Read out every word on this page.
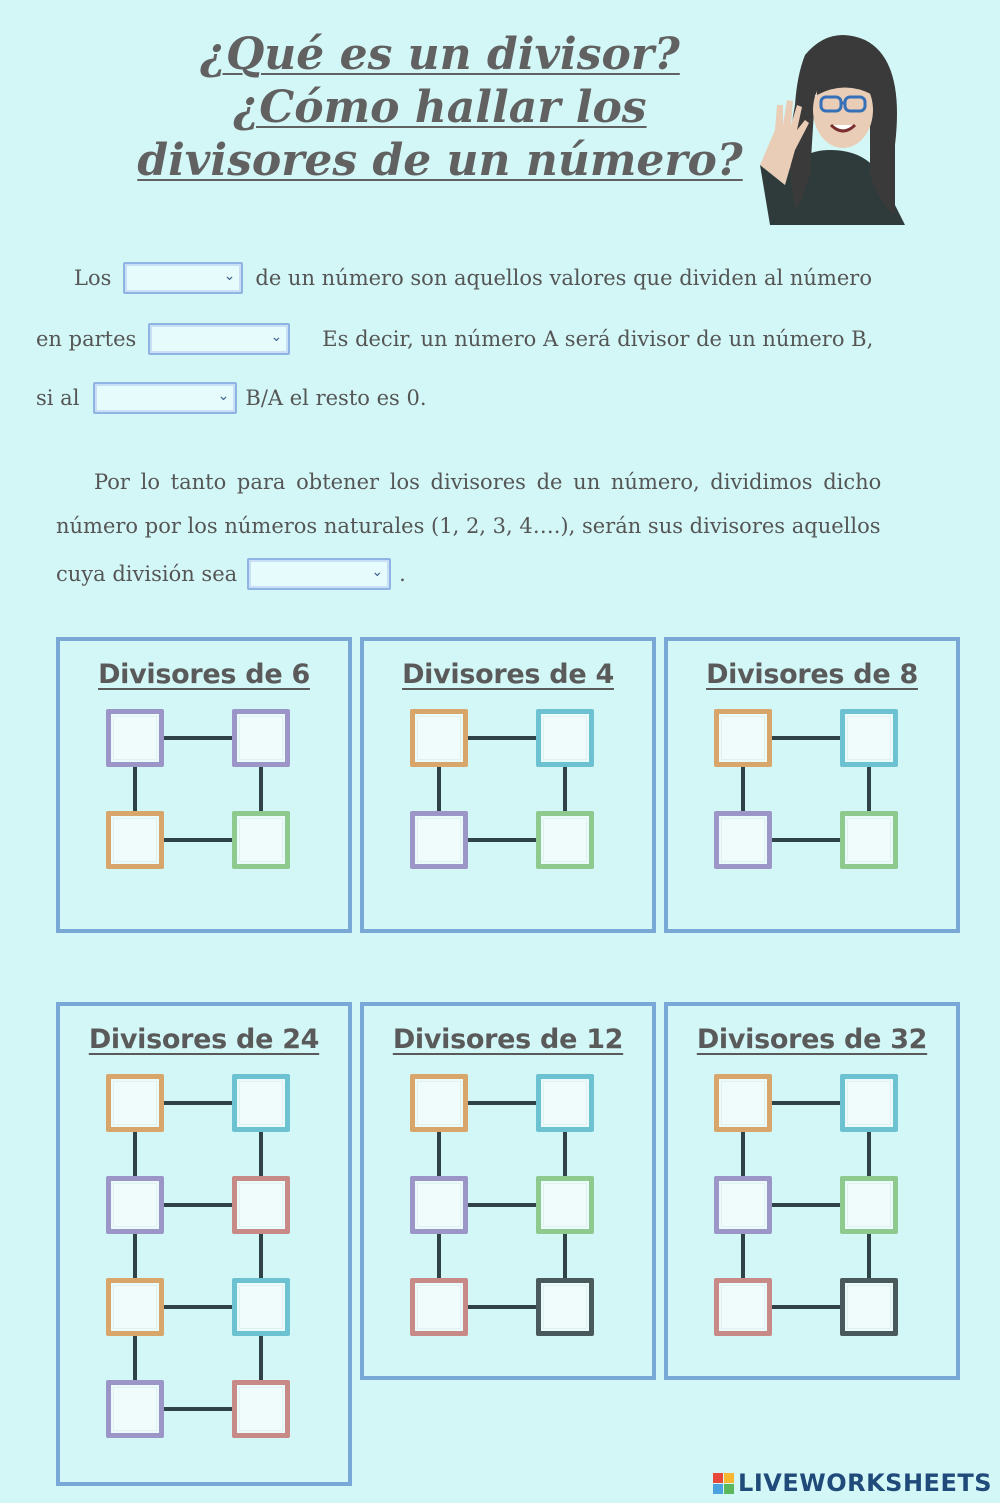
¿Qué es un divisor?
¿Cómo hallar los
divisores de un número?
Los	⌄ de un número son aquellos valores que dividen al número
en partes	⌄ Es decir, un número A será divisor de un número B,
si al	⌄ B/A el resto es 0.
Por lo tanto para obtener los divisores de un número, dividimos dicho
número por los números naturales (1, 2, 3, 4….), serán sus divisores aquellos
cuya división sea	⌄ .
Divisores de 6	Divisores de 4	Divisores de 8
Divisores de 24	Divisores de 12	Divisores de 32
LIVEWORKSHEETS
